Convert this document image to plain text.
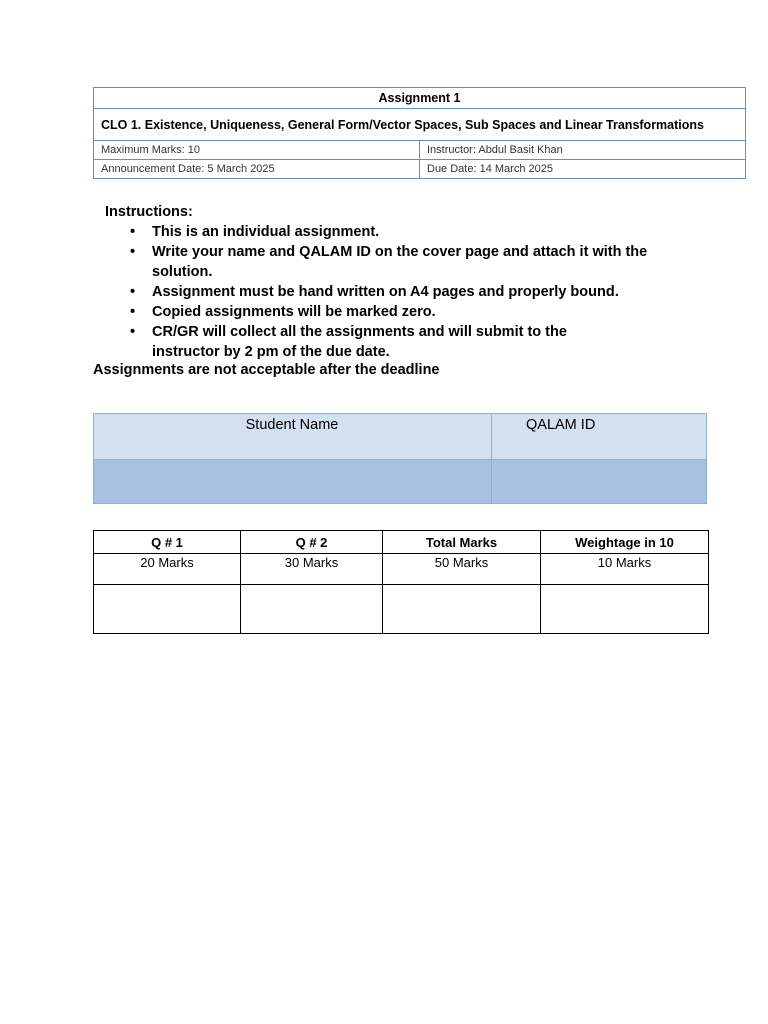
Assignment 1	
CLO 1. Existence, Uniqueness, General Form/Vector Spaces, Sub Spaces and Linear Transformations	
Maximum Marks: 10	Instructor: Abdul Basit Khan
Announcement Date: 5 March 2025	Due Date: 14 March 2025
Instructions:
• This is an individual assignment.
• Write your name and QALAM ID on the cover page and attach it with the solution.
• Assignment must be hand written on A4 pages and properly bound.
• Copied assignments will be marked zero.
• CR/GR will collect all the assignments and will submit to the instructor by 2 pm of the due date.
Assignments are not acceptable after the deadline
Student Name	QALAM ID

Q # 1	Q # 2	Total Marks	Weightage in 10
20 Marks	30 Marks	50 Marks	10 Marks
